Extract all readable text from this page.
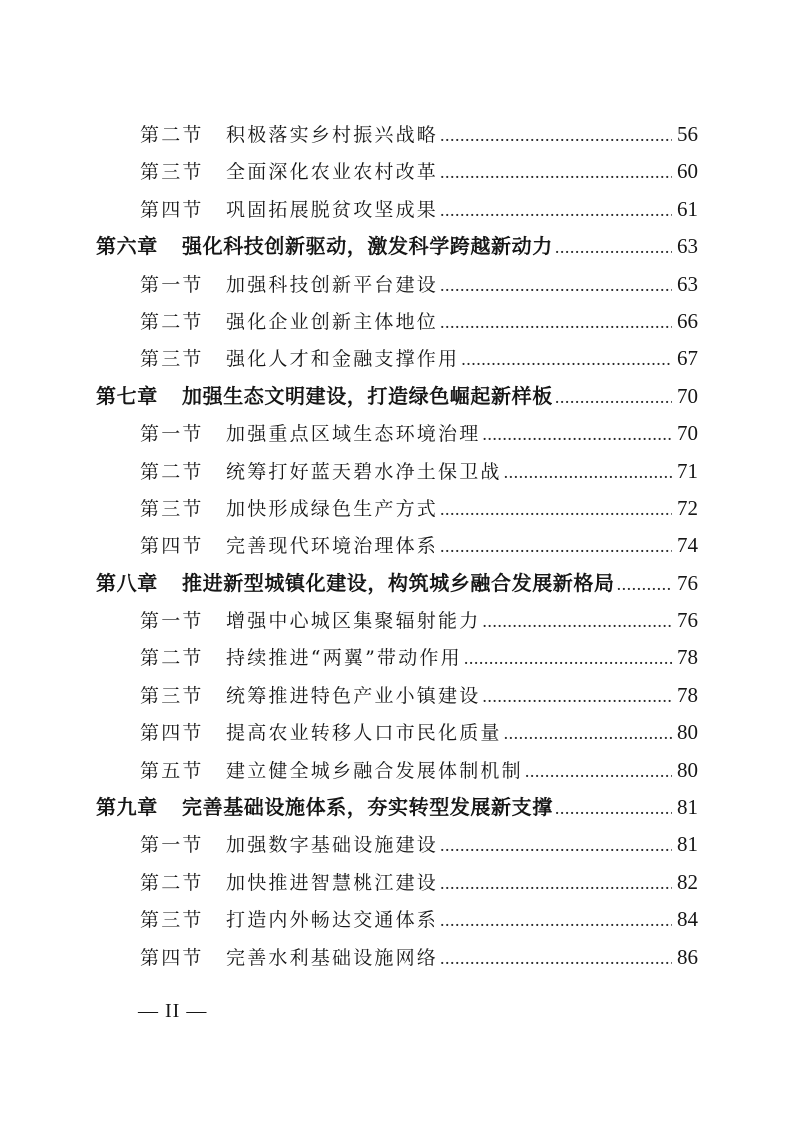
第二节	积极落实乡村振兴战略 .....	56
第三节	全面深化农业农村改革 .....	60
第四节	巩固拓展脱贫攻坚成果 .....	61
第六章	强化科技创新驱动，激发科学跨越新动力 .....	63
第一节	加强科技创新平台建设 .....	63
第二节	强化企业创新主体地位 .....	66
第三节	强化人才和金融支撑作用 .....	67
第七章	加强生态文明建设，打造绿色崛起新样板 .....	70
第一节	加强重点区域生态环境治理 .....	70
第二节	统筹打好蓝天碧水净土保卫战 .....	71
第三节	加快形成绿色生产方式 .....	72
第四节	完善现代环境治理体系 .....	74
第八章	推进新型城镇化建设，构筑城乡融合发展新格局 .....	76
第一节	增强中心城区集聚辐射能力 .....	76
第二节	持续推进“两翼”带动作用 .....	78
第三节	统筹推进特色产业小镇建设 .....	78
第四节	提高农业转移人口市民化质量 .....	80
第五节	建立健全城乡融合发展体制机制 .....	80
第九章	完善基础设施体系，夯实转型发展新支撑 .....	81
第一节	加强数字基础设施建设 .....	81
第二节	加快推进智慧桃江建设 .....	82
第三节	打造内外畅达交通体系 .....	84
第四节	完善水利基础设施网络 .....	86
— II —
